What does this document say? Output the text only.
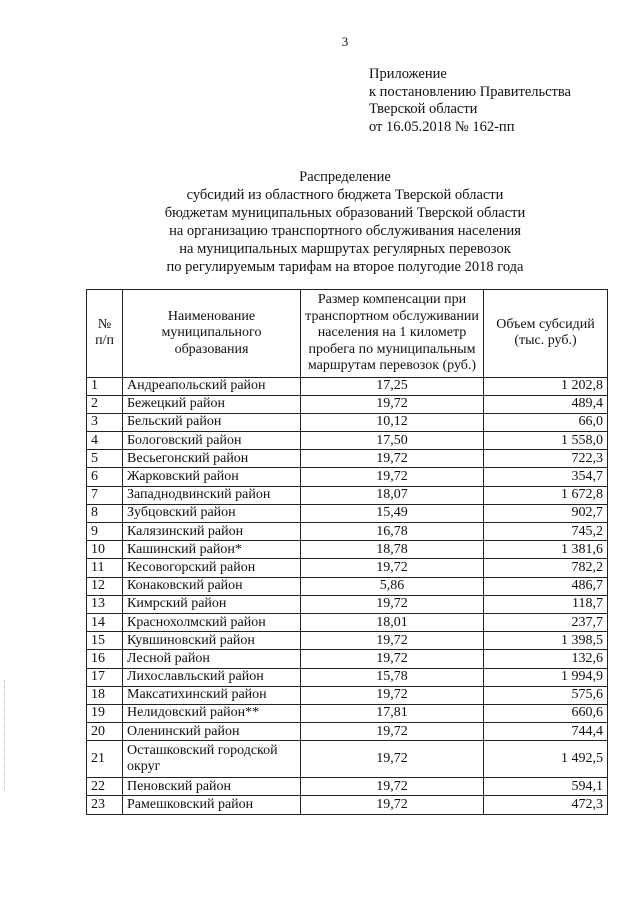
3
Приложение
к постановлению Правительства
Тверской области
от 16.05.2018 № 162-пп
Распределение
субсидий из областного бюджета Тверской области
бюджетам муниципальных образований Тверской области
на организацию транспортного обслуживания населения
на муниципальных маршрутах регулярных перевозок
по регулируемым тарифам на второе полугодие 2018 года
№ п/п	Наименование муниципального образования	Размер компенсации при транспортном обслуживании населения на 1 километр пробега по муниципальным маршрутам перевозок (руб.)	Объем субсидий (тыс. руб.)
1	Андреапольский район	17,25	1 202,8
2	Бежецкий район	19,72	489,4
3	Бельский район	10,12	66,0
4	Бологовский район	17,50	1 558,0
5	Весьегонский район	19,72	722,3
6	Жарковский район	19,72	354,7
7	Западнодвинский район	18,07	1 672,8
8	Зубцовский район	15,49	902,7
9	Калязинский район	16,78	745,2
10	Кашинский район*	18,78	1 381,6
11	Кесовогорский район	19,72	782,2
12	Конаковский район	5,86	486,7
13	Кимрский район	19,72	118,7
14	Краснохолмский район	18,01	237,7
15	Кувшиновский район	19,72	1 398,5
16	Лесной район	19,72	132,6
17	Лихославльский район	15,78	1 994,9
18	Максатихинский район	19,72	575,6
19	Нелидовский район**	17,81	660,6
20	Оленинский район	19,72	744,4
21	Осташковский городской округ	19,72	1 492,5
22	Пеновский район	19,72	594,1
23	Рамешковский район	19,72	472,3
